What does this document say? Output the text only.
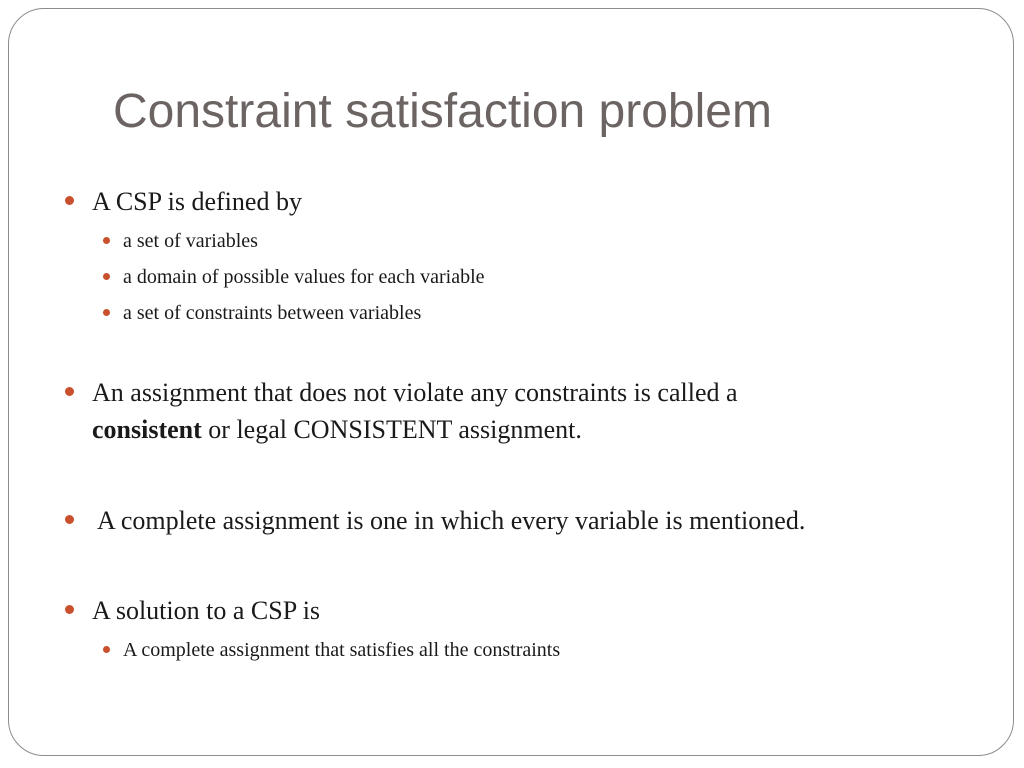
Constraint satisfaction problem
A CSP is defined by
a set of variables
a domain of possible values for each variable
a set of constraints between variables
An assignment that does not violate any constraints is called a
consistent or legal CONSISTENT assignment.
A complete assignment is one in which every variable is mentioned.
A solution to a CSP is
A complete assignment that satisfies all the constraints
